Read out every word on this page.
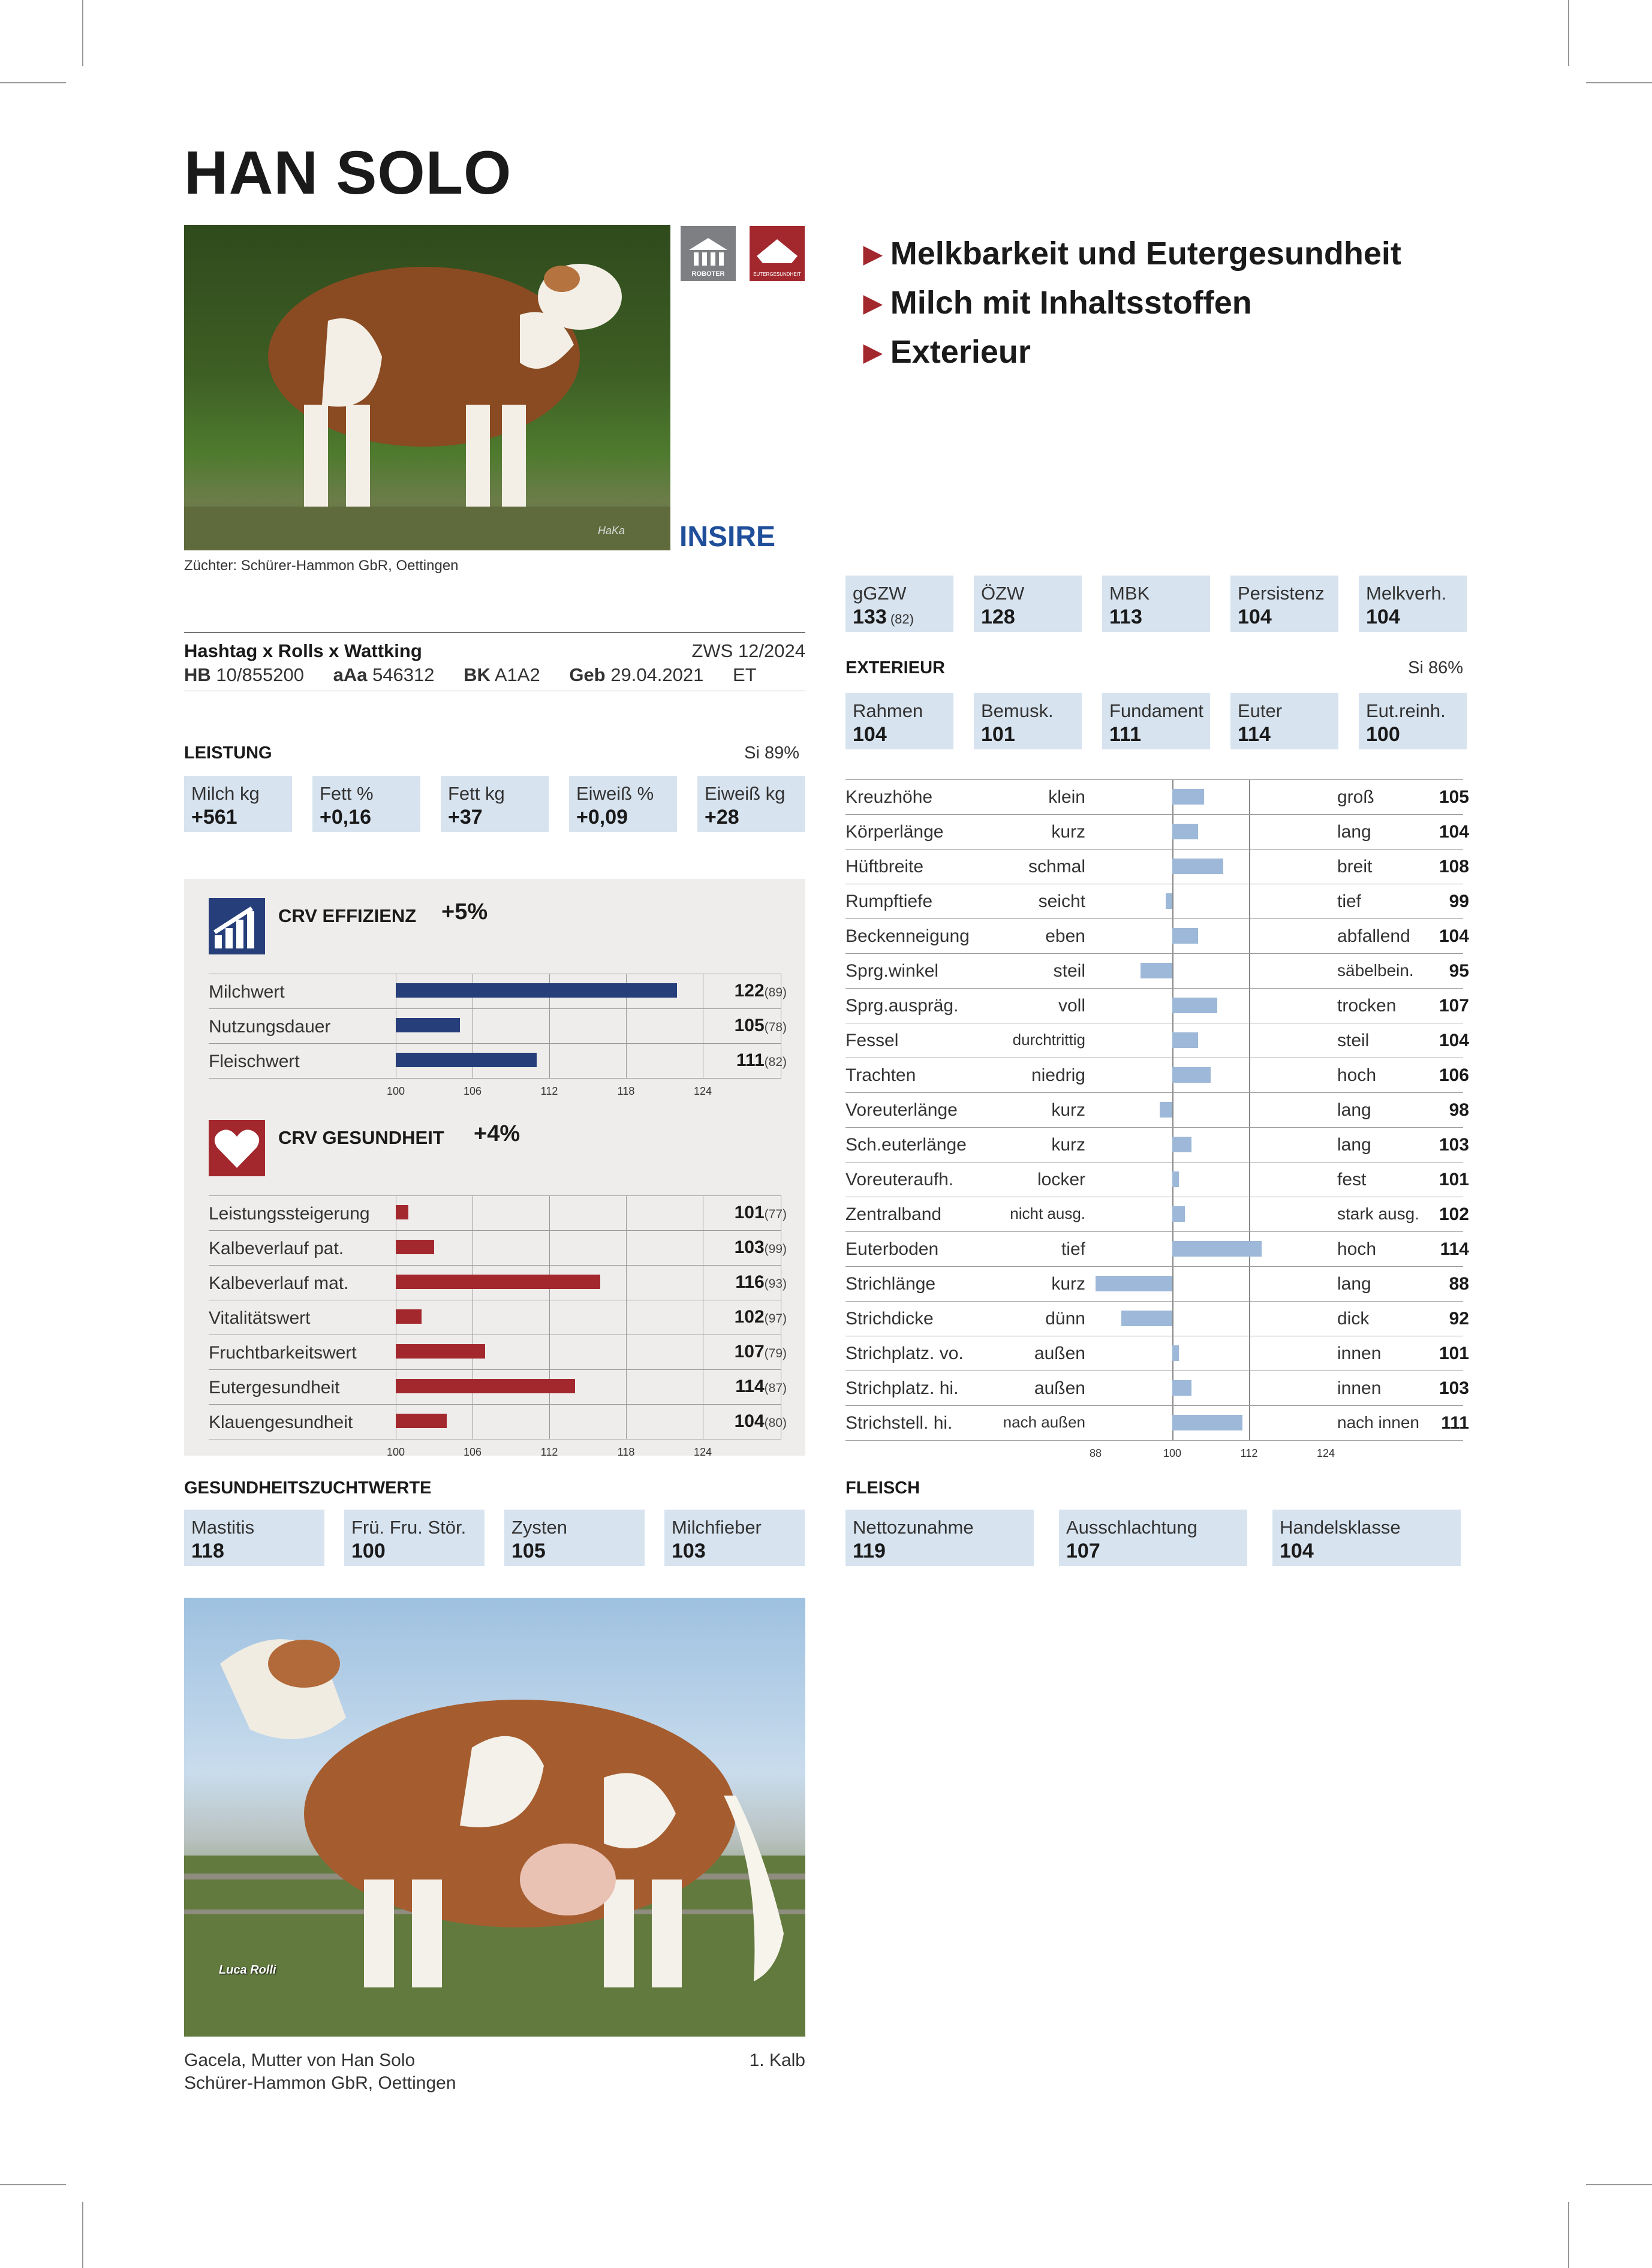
HAN SOLO
HaKa
Züchter: Schürer-Hammon GbR, Oettingen
ROBOTER	EUTERGESUNDHEIT
INSIRE
▶ Melkbarkeit und Eutergesundheit
▶ Milch mit Inhaltsstoffen
▶ Exterieur
Hashtag x Rolls x Wattking	ZWS 12/2024
HB 10/855200 aAa 546312 BK A1A2 Geb 29.04.2021 ET
LEISTUNG	Si 89%
Milch kg
+561
Fett %
+0,16
Fett kg
+37
Eiweiß %
+0,09
Eiweiß kg
+28
gGZW
133 (82)
ÖZW
128
MBK
113
Persistenz
104
Melkverh.
104
EXTERIEUR	Si 86%
Rahmen
104
Bemusk.
101
Fundament
111
Euter
114
Eut.reinh.
100
Kreuzhöhe	klein	groß	105
Körperlänge	kurz	lang	104
Hüftbreite	schmal	breit	108
Rumpftiefe	seicht	tief	99
Beckenneigung	eben	abfallend	104
Sprg.winkel	steil	säbelbein.	95
Sprg.auspräg.	voll	trocken	107
Fessel	durchtrittig	steil	104
Trachten	niedrig	hoch	106
Voreuterlänge	kurz	lang	98
Sch.euterlänge	kurz	lang	103
Voreuteraufh.	locker	fest	101
Zentralband	nicht ausg.	stark ausg.	102
Euterboden	tief	hoch	114
Strichlänge	kurz	lang	88
Strichdicke	dünn	dick	92
Strichplatz. vo.	außen	innen	101
Strichplatz. hi.	außen	innen	103
Strichstell. hi.	nach außen	nach innen	111
88	100	112	124
CRV EFFIZIENZ +5%
Milchwert	122(89)
Nutzungsdauer	105(78)
Fleischwert	111(82)
100	106	112	118	124
CRV GESUNDHEIT +4%
Leistungssteigerung	101(77)
Kalbeverlauf pat.	103(99)
Kalbeverlauf mat.	116(93)
Vitalitätswert	102(97)
Fruchtbarkeitswert	107(79)
Eutergesundheit	114(87)
Klauengesundheit	104(80)
100	106	112	118	124
GESUNDHEITSZUCHTWERTE
Mastitis
118
Frü. Fru. Stör.
100
Zysten
105
Milchfieber
103
FLEISCH
Nettozunahme
119
Ausschlachtung
107
Handelsklasse
104
Luca Rolli
Gacela, Mutter von Han Solo
Schürer-Hammon GbR, Oettingen
1. Kalb
